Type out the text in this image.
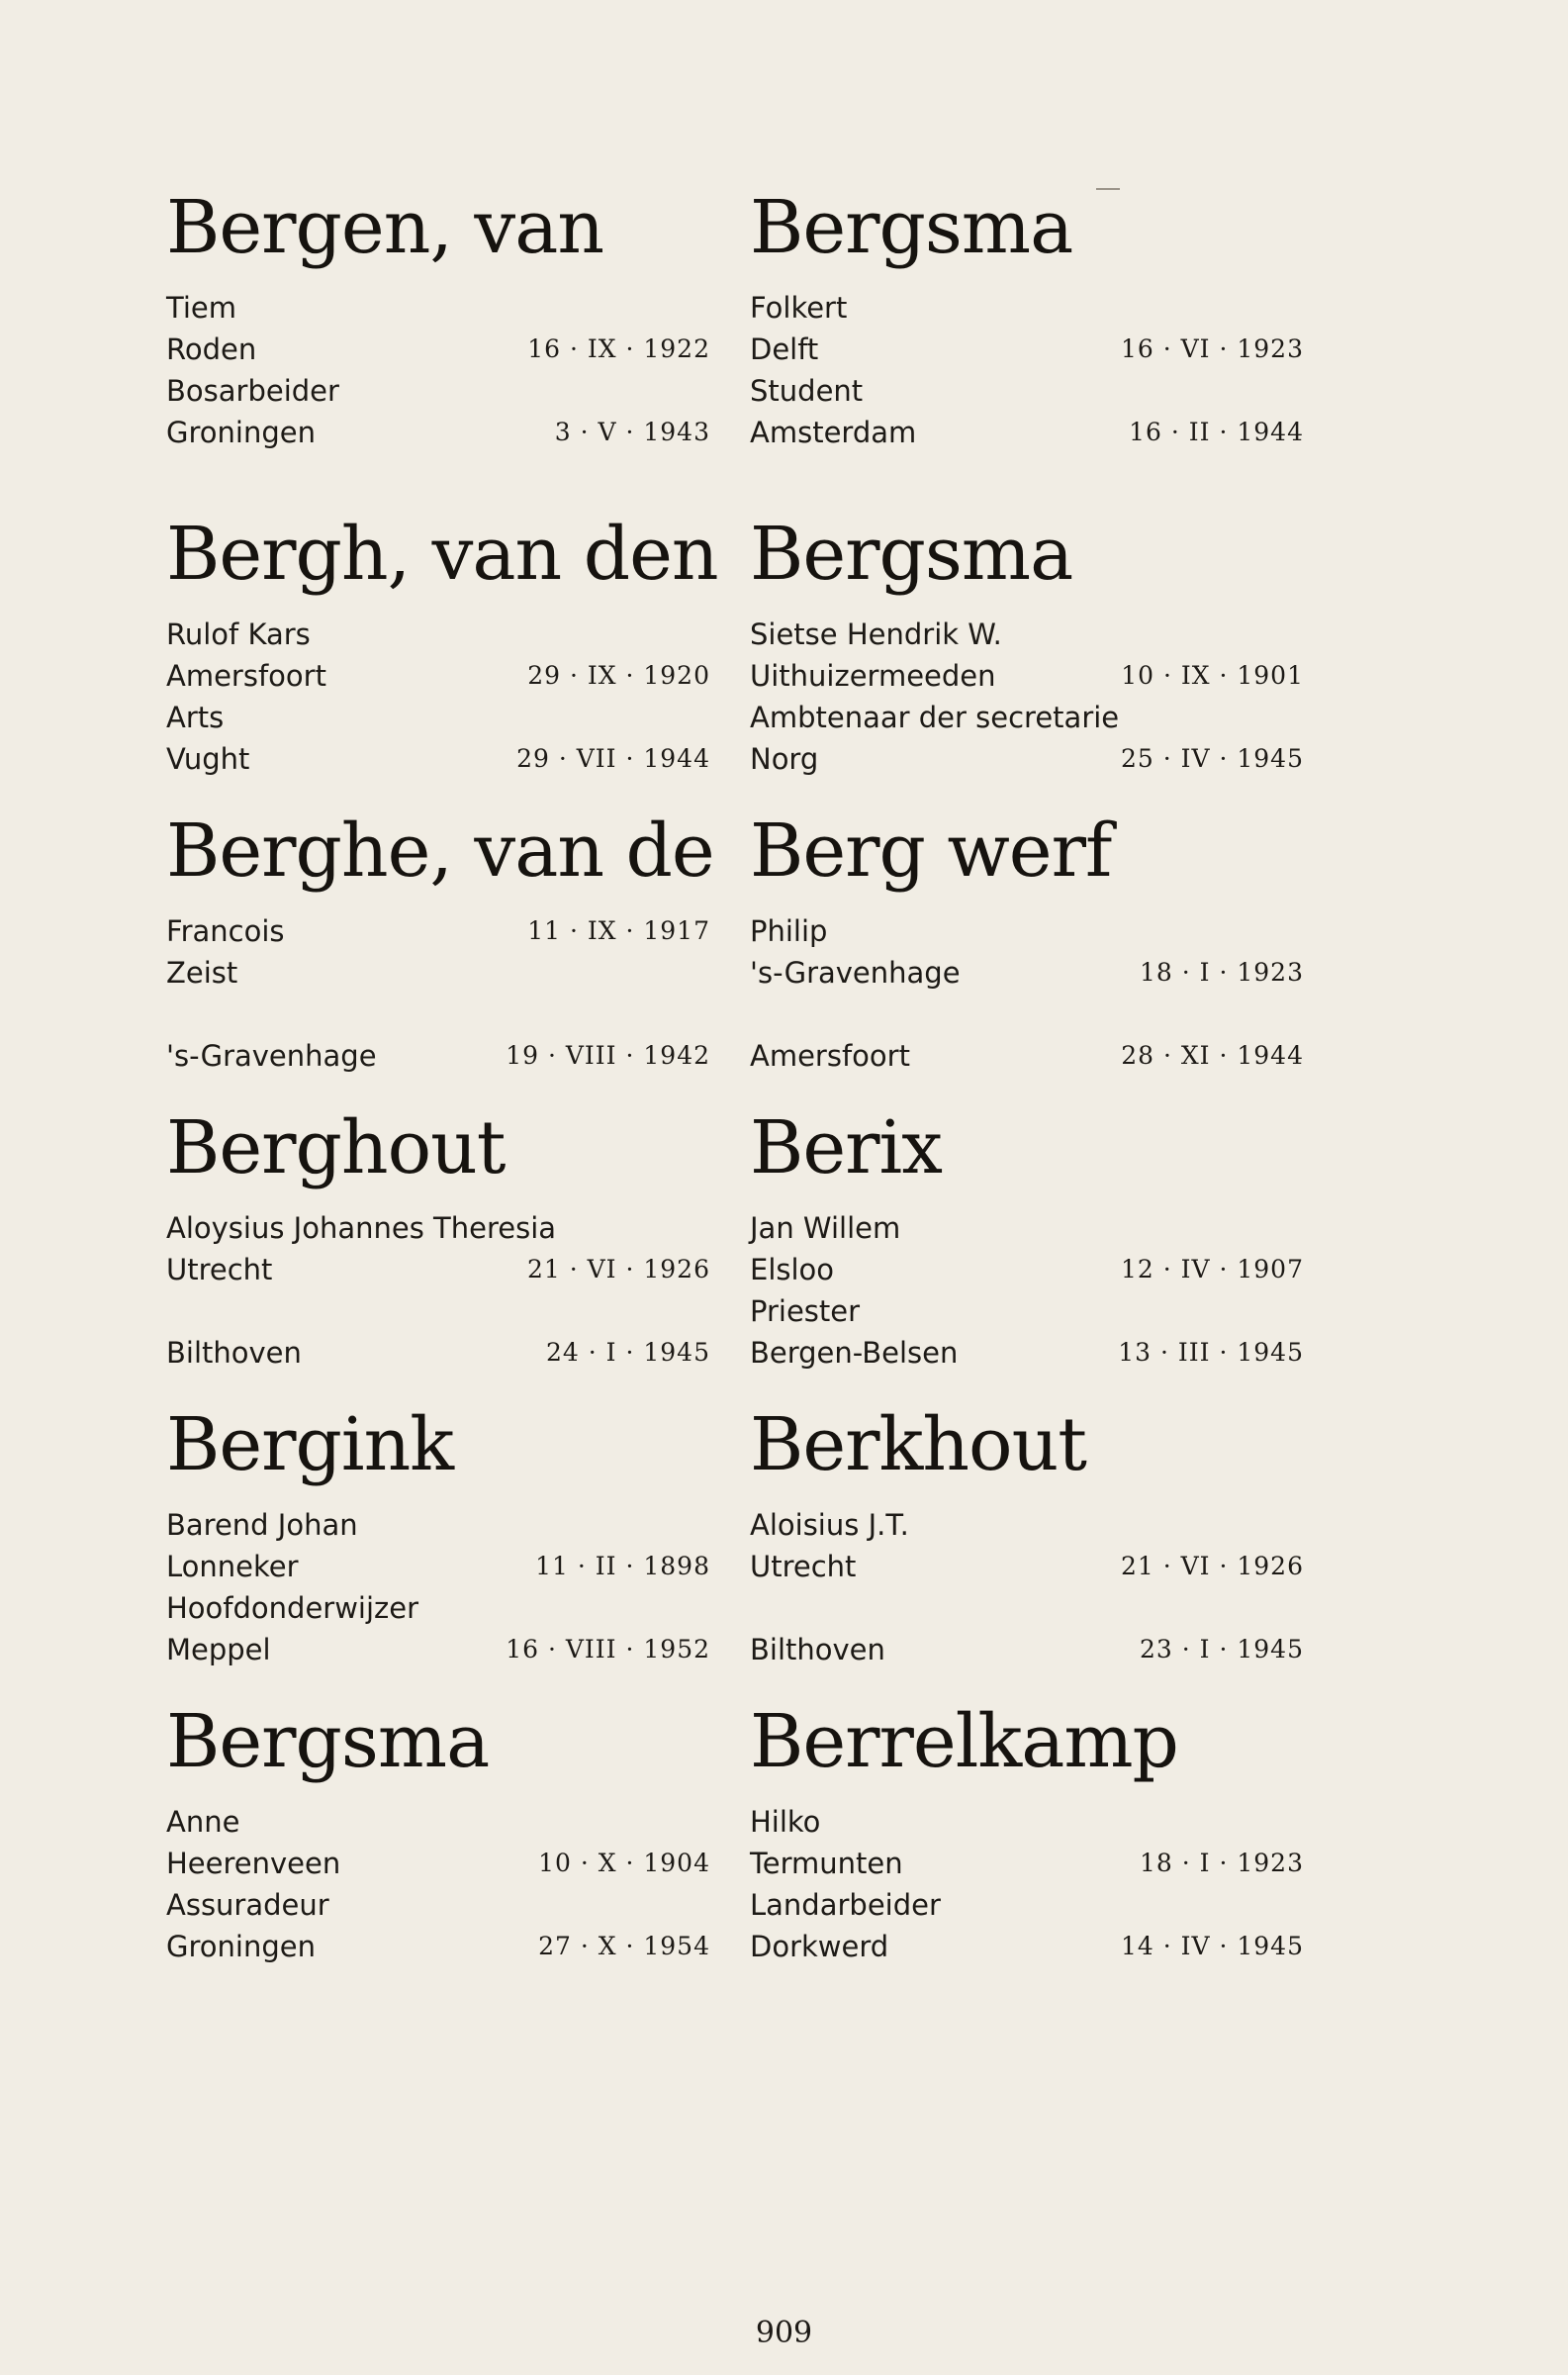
Bergen, van
Tiem
Roden	16 · IX · 1922
Bosarbeider
Groningen	3 · V · 1943
Bergh, van den
Rulof Kars
Amersfoort	29 · IX · 1920
Arts
Vught	29 · VII · 1944
Berghe, van de
Francois	11 · IX · 1917
Zeist
's-Gravenhage	19 · VIII · 1942
Berghout
Aloysius Johannes Theresia
Utrecht	21 · VI · 1926
Bilthoven	24 · I · 1945
Bergink
Barend Johan
Lonneker	11 · II · 1898
Hoofdonderwijzer
Meppel	16 · VIII · 1952
Bergsma
Anne
Heerenveen	10 · X · 1904
Assuradeur
Groningen	27 · X · 1954
Bergsma
Folkert
Delft	16 · VI · 1923
Student
Amsterdam	16 · II · 1944
Bergsma
Sietse Hendrik W.
Uithuizermeeden	10 · IX · 1901
Ambtenaar der secretarie
Norg	25 · IV · 1945
Berg werf
Philip
's-Gravenhage	18 · I · 1923
Amersfoort	28 · XI · 1944
Berix
Jan Willem
Elsloo	12 · IV · 1907
Priester
Bergen-Belsen	13 · III · 1945
Berkhout
Aloisius J.T.
Utrecht	21 · VI · 1926
Bilthoven	23 · I · 1945
Berrelkamp
Hilko
Termunten	18 · I · 1923
Landarbeider
Dorkwerd	14 · IV · 1945
909
